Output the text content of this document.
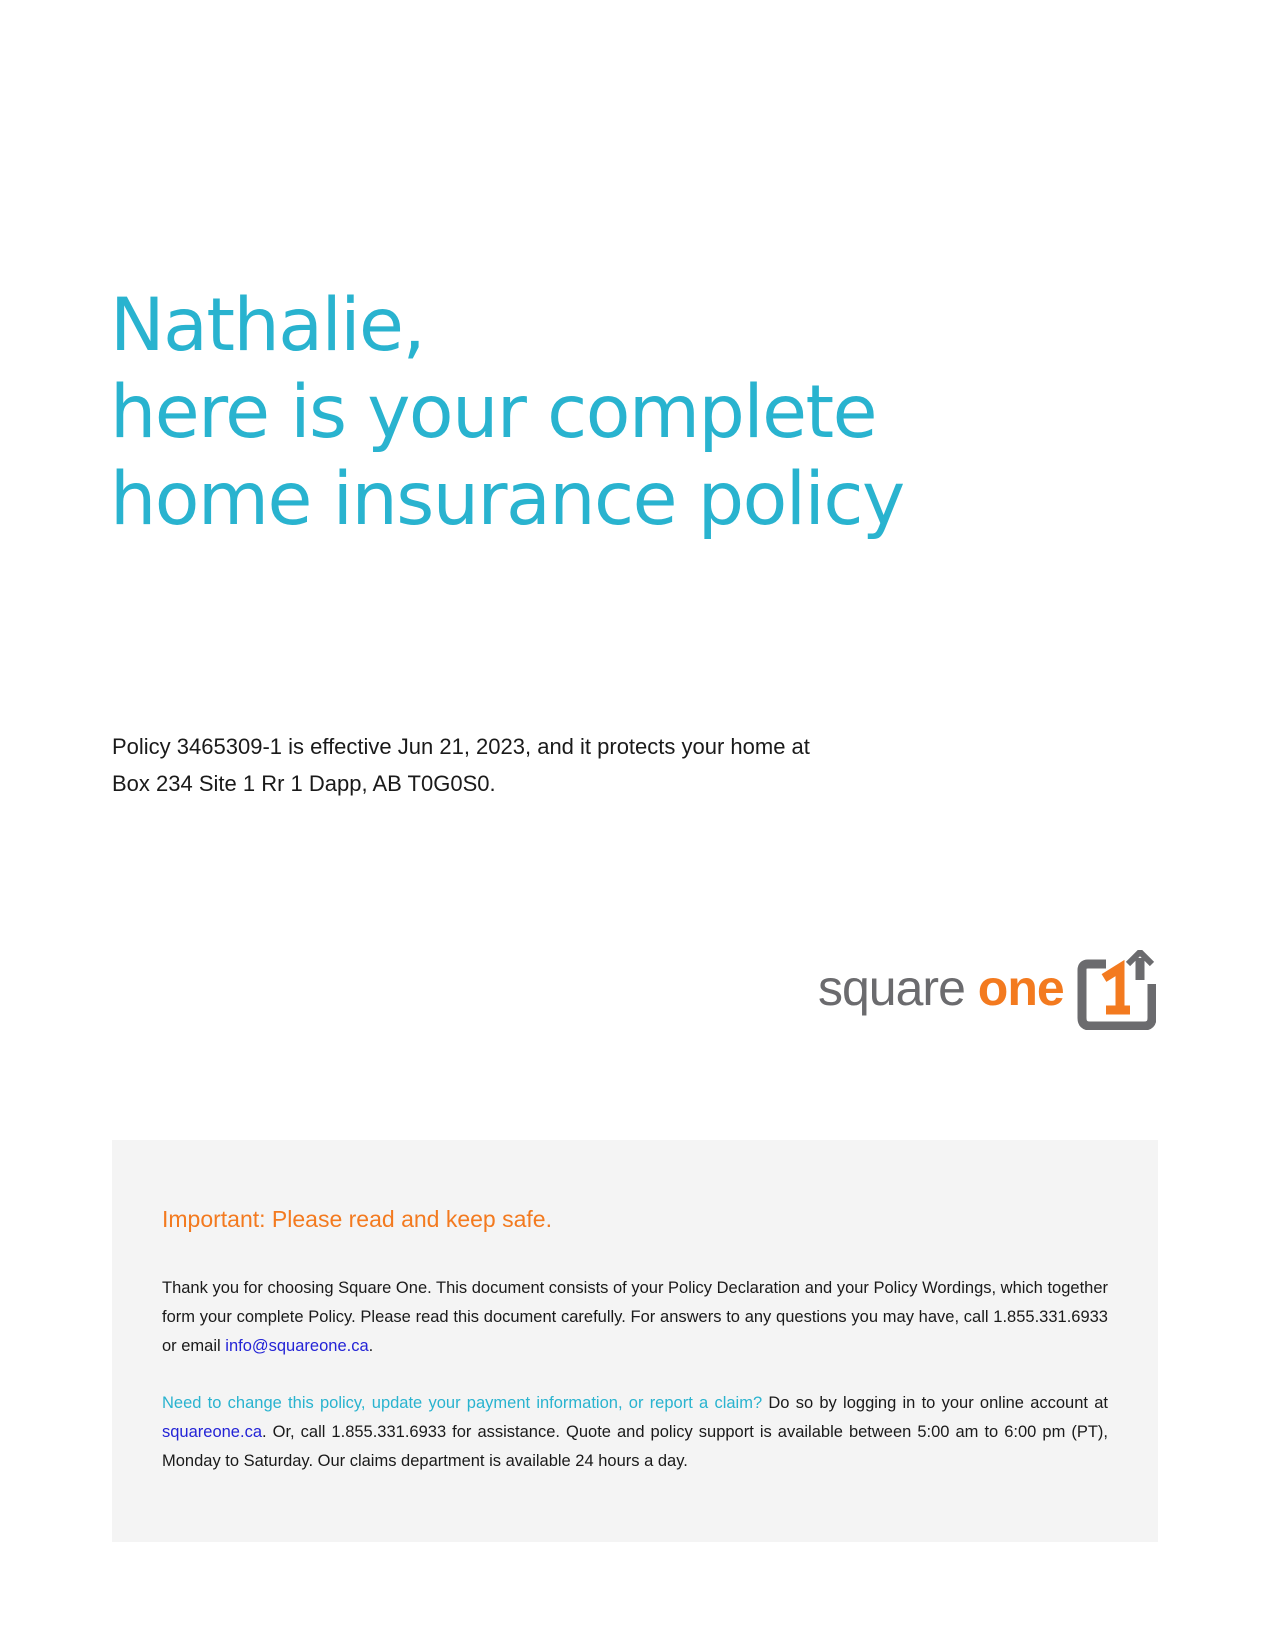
Nathalie,
here is your complete
home insurance policy
Policy 3465309-1 is effective Jun 21, 2023, and it protects your home at
Box 234 Site 1 Rr 1 Dapp, AB T0G0S0.
square one
Important: Please read and keep safe.

Thank you for choosing Square One. This document consists of your Policy Declaration and your Policy Wordings, which together form your complete Policy. Please read this document carefully. For answers to any questions you may have, call 1.855.331.6933 or email info@squareone.ca.

Need to change this policy, update your payment information, or report a claim? Do so by logging in to your online account at squareone.ca. Or, call 1.855.331.6933 for assistance. Quote and policy support is available between 5:00 am to 6:00 pm (PT), Monday to Saturday. Our claims department is available 24 hours a day.
